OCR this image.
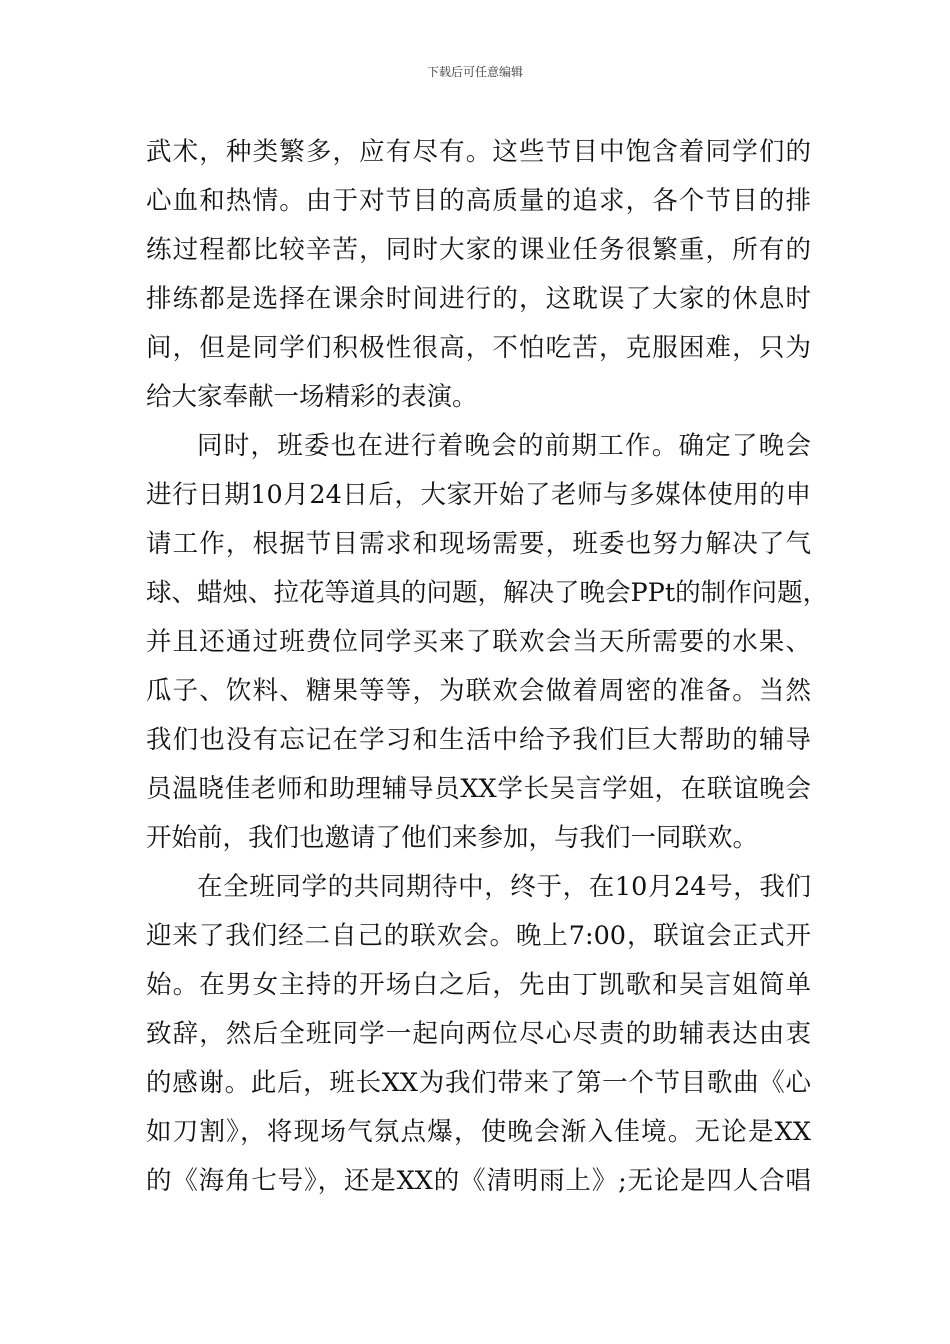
下载后可任意编辑
武术，种类繁多，应有尽有。这些节目中饱含着同学们的
心血和热情。由于对节目的高质量的追求，各个节目的排
练过程都比较辛苦，同时大家的课业任务很繁重，所有的
排练都是选择在课余时间进行的，这耽误了大家的休息时
间，但是同学们积极性很高，不怕吃苦，克服困难，只为
给大家奉献一场精彩的表演。
同时，班委也在进行着晚会的前期工作。确定了晚会
进行日期10月24日后，大家开始了老师与多媒体使用的申
请工作，根据节目需求和现场需要，班委也努力解决了气
球、蜡烛、拉花等道具的问题，解决了晚会PPt的制作问题，
并且还通过班费位同学买来了联欢会当天所需要的水果、
瓜子、饮料、糖果等等，为联欢会做着周密的准备。当然
我们也没有忘记在学习和生活中给予我们巨大帮助的辅导
员温晓佳老师和助理辅导员XX学长吴言学姐，在联谊晚会
开始前，我们也邀请了他们来参加，与我们一同联欢。
在全班同学的共同期待中，终于，在10月24号，我们
迎来了我们经二自己的联欢会。晚上7:00，联谊会正式开
始。在男女主持的开场白之后，先由丁凯歌和吴言姐简单
致辞，然后全班同学一起向两位尽心尽责的助辅表达由衷
的感谢。此后，班长XX为我们带来了第一个节目歌曲《心
如刀割》，将现场气氛点爆，使晚会渐入佳境。无论是XX
的《海角七号》，还是XX的《清明雨上》;无论是四人合唱
